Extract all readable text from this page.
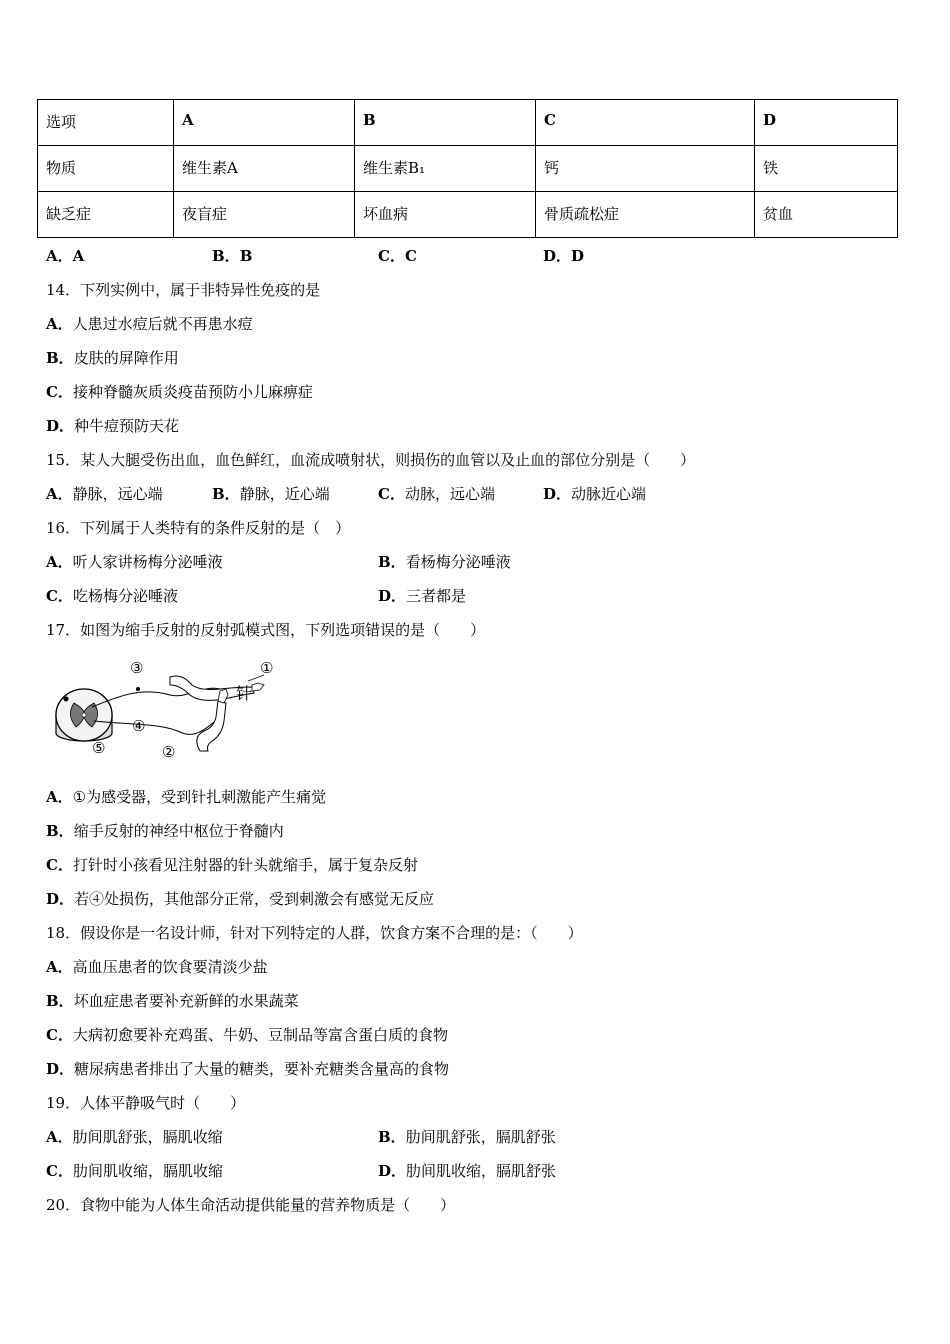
选项	A	B	C	D
物质	维生素A	维生素B₁	钙	铁
缺乏症	夜盲症	坏血病	骨质疏松症	贫血
A．A	B．B	C．C	D．D
14．下列实例中，属于非特异性免疫的是
A．人患过水痘后就不再患水痘
B．皮肤的屏障作用
C．接种脊髓灰质炎疫苗预防小儿麻痹症
D．种牛痘预防天花
15．某人大腿受伤出血，血色鲜红，血流成喷射状，则损伤的血管以及止血的部位分别是（　　）
A．静脉，远心端	B．静脉，近心端	C．动脉，远心端	D．动脉近心端
16．下列属于人类特有的条件反射的是（　）
A．听人家讲杨梅分泌唾液	B．看杨梅分泌唾液
C．吃杨梅分泌唾液	D．三者都是
17．如图为缩手反射的反射弧模式图，下列选项错误的是（　　）
③	①
针
④
⑤	②
A．①为感受器，受到针扎刺激能产生痛觉
B．缩手反射的神经中枢位于脊髓内
C．打针时小孩看见注射器的针头就缩手，属于复杂反射
D．若④处损伤，其他部分正常，受到刺激会有感觉无反应
18．假设你是一名设计师，针对下列特定的人群，饮食方案不合理的是：（　　）
A．高血压患者的饮食要清淡少盐
B．坏血症患者要补充新鲜的水果蔬菜
C．大病初愈要补充鸡蛋、牛奶、豆制品等富含蛋白质的食物
D．糖尿病患者排出了大量的糖类，要补充糖类含量高的食物
19．人体平静吸气时（　　）
A．肋间肌舒张，膈肌收缩	B．肋间肌舒张，膈肌舒张
C．肋间肌收缩，膈肌收缩	D．肋间肌收缩，膈肌舒张
20．食物中能为人体生命活动提供能量的营养物质是（　　）
